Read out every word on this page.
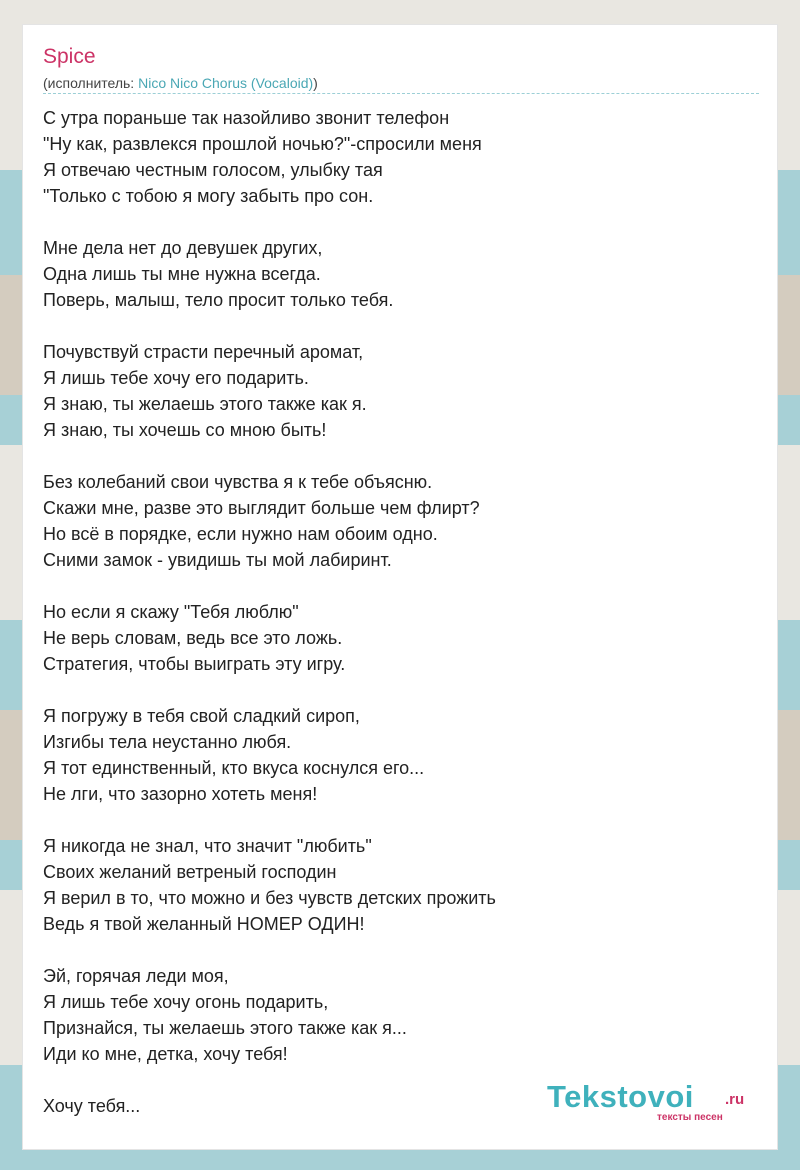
Spice
(исполнитель: Nico Nico Chorus (Vocaloid))
С утра пораньше так назойливо звонит телефон
"Ну как, развлекся прошлой ночью?"-спросили меня
Я отвечаю честным голосом, улыбку тая
"Только с тобою я могу забыть про сон.
Мне дела нет до девушек других,
Одна лишь ты мне нужна всегда.
Поверь, малыш, тело просит только тебя.
Почувствуй страсти перечный аромат,
Я лишь тебе хочу его подарить.
Я знаю, ты желаешь этого также как я.
Я знаю, ты хочешь со мною быть!
Без колебаний свои чувства я к тебе объясню.
Скажи мне, разве это выглядит больше чем флирт?
Но всё в порядке, если нужно нам обоим одно.
Сними замок - увидишь ты мой лабиринт.
Но если я скажу "Тебя люблю"
Не верь словам, ведь все это ложь.
Стратегия, чтобы выиграть эту игру.
Я погружу в тебя свой сладкий сироп,
Изгибы тела неустанно любя.
Я тот единственный, кто вкуса коснулся его...
Не лги, что зазорно хотеть меня!
Я никогда не знал, что значит "любить"
Своих желаний ветреный господин
Я верил в то, что можно и без чувств детских прожить
Ведь я твой желанный НОМЕР ОДИН!
Эй, горячая леди моя,
Я лишь тебе хочу огонь подарить,
Признайся, ты желаешь этого также как я...
Иди ко мне, детка, хочу тебя!
Хочу тебя...	Tekstovoi .ru
тексты песен
